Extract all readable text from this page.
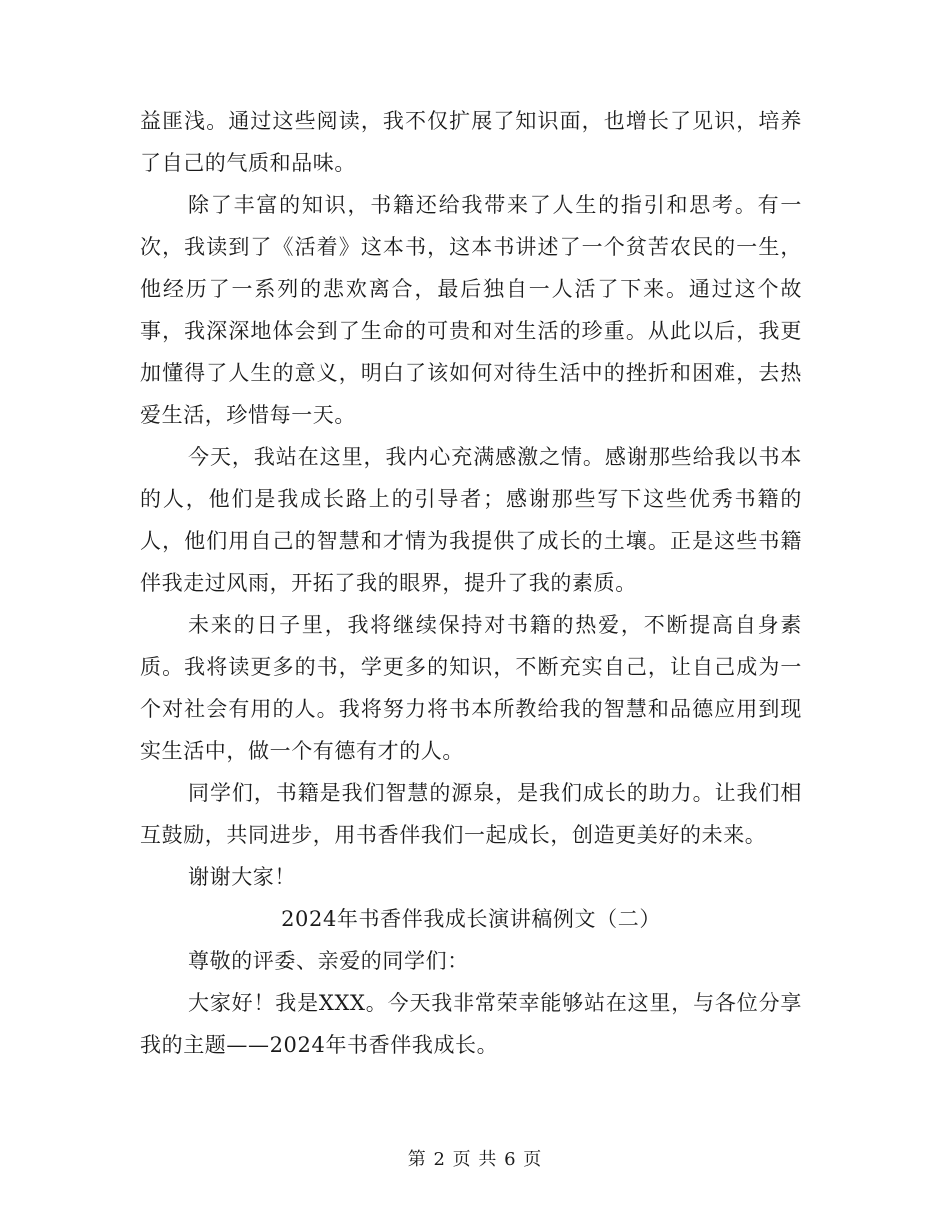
益匪浅。通过这些阅读，我不仅扩展了知识面，也增长了见识，培养了自己的气质和品味。

除了丰富的知识，书籍还给我带来了人生的指引和思考。有一次，我读到了《活着》这本书，这本书讲述了一个贫苦农民的一生，他经历了一系列的悲欢离合，最后独自一人活了下来。通过这个故事，我深深地体会到了生命的可贵和对生活的珍重。从此以后，我更加懂得了人生的意义，明白了该如何对待生活中的挫折和困难，去热爱生活，珍惜每一天。

今天，我站在这里，我内心充满感激之情。感谢那些给我以书本的人，他们是我成长路上的引导者；感谢那些写下这些优秀书籍的人，他们用自己的智慧和才情为我提供了成长的土壤。正是这些书籍伴我走过风雨，开拓了我的眼界，提升了我的素质。

未来的日子里，我将继续保持对书籍的热爱，不断提高自身素质。我将读更多的书，学更多的知识，不断充实自己，让自己成为一个对社会有用的人。我将努力将书本所教给我的智慧和品德应用到现实生活中，做一个有德有才的人。

同学们，书籍是我们智慧的源泉，是我们成长的助力。让我们相互鼓励，共同进步，用书香伴我们一起成长，创造更美好的未来。

谢谢大家！

2024年书香伴我成长演讲稿例文（二）

尊敬的评委、亲爱的同学们：

大家好！我是XXX。今天我非常荣幸能够站在这里，与各位分享我的主题——2024年书香伴我成长。

第 2 页 共 6 页
